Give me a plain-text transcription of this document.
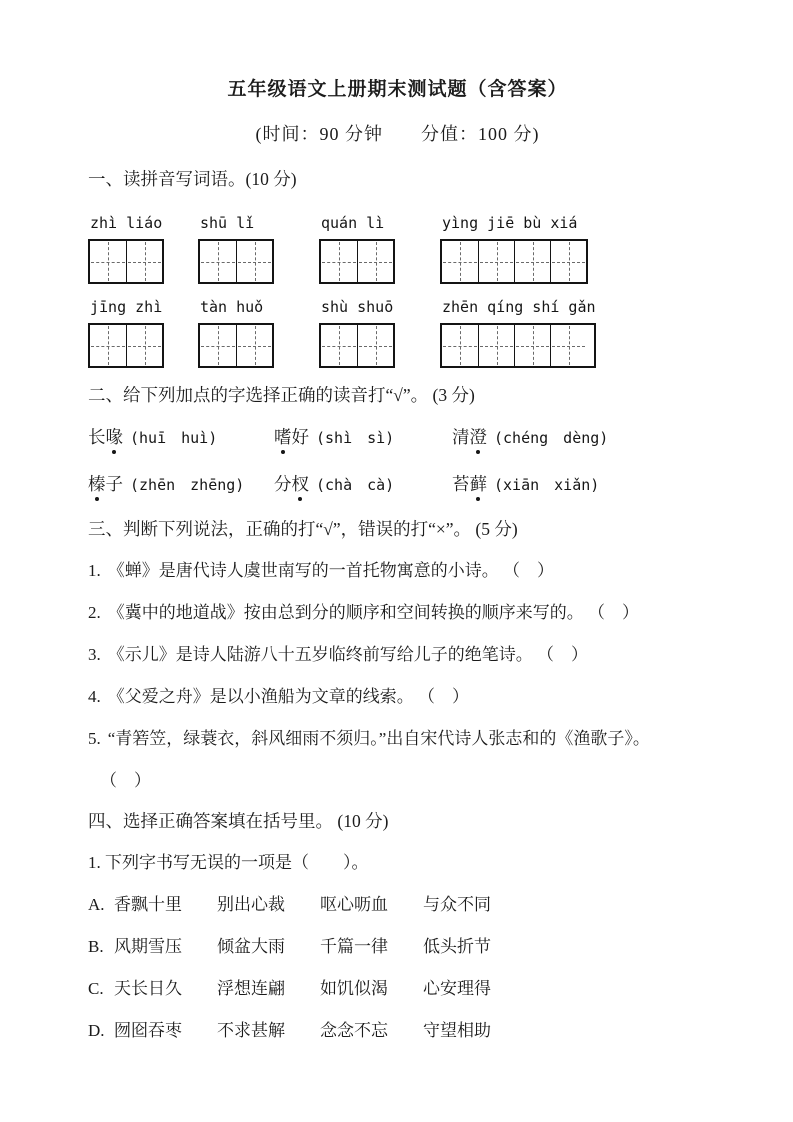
五年级语文上册期末测试题（含答案）
(时间：90 分钟　　分值：100 分)
一、读拼音写词语。(10 分)
zhì liáo	shū lǐ	quán lì	yìng jiē bù xiá
jīng zhì	tàn huǒ	shù shuō	zhēn qíng shí gǎn
二、给下列加点的字选择正确的读音打“√”。 (3 分)
长喙 (huī　huì)	嗜好 (shì　sì)	清澄 (chéng　dèng)
榛子 (zhēn　zhēng)	分杈 (chà　cà)	苔藓 (xiān　xiǎn)
三、判断下列说法，正确的打“√”，错误的打“×”。 (5 分)
1. 《蝉》是唐代诗人虞世南写的一首托物寓意的小诗。 （　）
2. 《冀中的地道战》按由总到分的顺序和空间转换的顺序来写的。 （　）
3. 《示儿》是诗人陆游八十五岁临终前写给儿子的绝笔诗。 （　）
4. 《父爱之舟》是以小渔船为文章的线索。 （　）
5. “青箬笠，绿蓑衣，斜风细雨不须归。”出自宋代诗人张志和的《渔歌子》。
（　）
四、选择正确答案填在括号里。 (10 分)
1. 下列字书写无误的一项是（　　）。
A. 香飘十里 别出心裁 呕心呖血 与众不同
B. 风期雪压 倾盆大雨 千篇一律 低头折节
C. 天长日久 浮想连翩 如饥似渴 心安理得
D. 囫囵吞枣 不求甚解 念念不忘 守望相助
